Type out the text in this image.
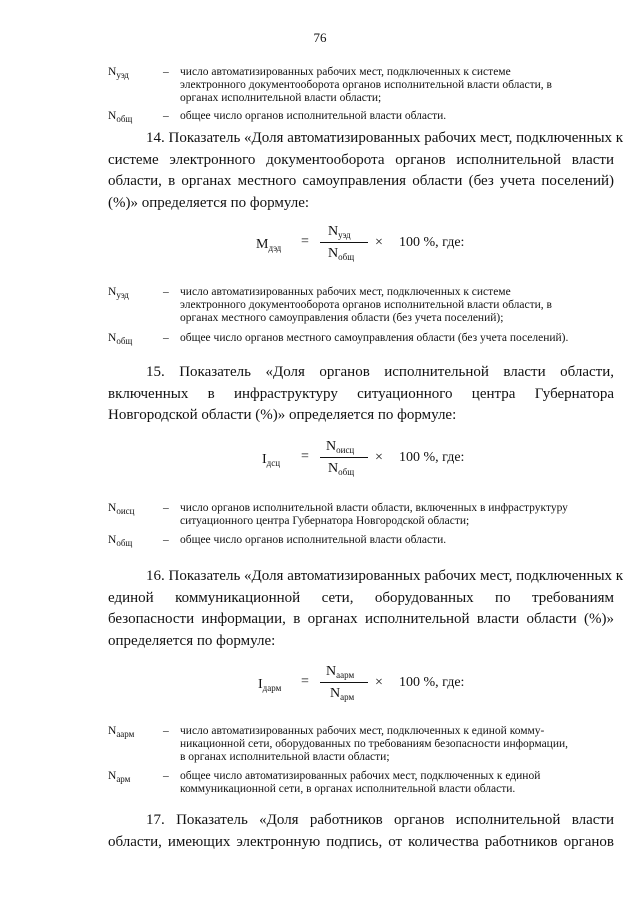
76
$N_{уэд}$	– число автоматизированных рабочих мест, подключенных к системе
электронного документооборота органов исполнительной власти области, в
органах исполнительной власти области;
$N_{общ}$	– общее число органов исполнительной власти области.
14. Показатель «Доля автоматизированных рабочих мест, подключенных к
системе электронного документооборота органов исполнительной власти
области, в органах местного самоуправления области (без учета поселений)
(%)» определяется по формуле:
$M_{дэд}$ =
$N_{уэд}$
$N_{общ}$
× 100 %, где:
$N_{уэд}$	– число автоматизированных рабочих мест, подключенных к системе
электронного документооборота органов исполнительной власти области, в
органах местного самоуправления области (без учета поселений);
$N_{общ}$	– общее число органов местного самоуправления области (без учета поселений).
15. Показатель «Доля органов исполнительной власти области,
включенных в инфраструктуру ситуационного центра Губернатора
Новгородской области (%)» определяется по формуле:
$I_{дсц}$ =
$N_{оисц}$
$N_{общ}$
× 100 %, где:
$N_{оисц}$ – число органов исполнительной власти области, включенных в инфраструктуру
ситуационного центра Губернатора Новгородской области;
$N_{общ}$	– общее число органов исполнительной власти области.
16. Показатель «Доля автоматизированных рабочих мест, подключенных к
единой коммуникационной сети, оборудованных по требованиям
безопасности информации, в органах исполнительной власти области (%)»
определяется по формуле:
$I_{дарм}$ =
$N_{аарм}$
$N_{арм}$
× 100 %, где:
$N_{аарм}$ – число автоматизированных рабочих мест, подключенных к единой комму-
никационной сети, оборудованных по требованиям безопасности информации,
в органах исполнительной власти области;
$N_{арм}$	– общее число автоматизированных рабочих мест, подключенных к единой
коммуникационной сети, в органах исполнительной власти области.
17. Показатель «Доля работников органов исполнительной власти
области, имеющих электронную подпись, от количества работников органов
